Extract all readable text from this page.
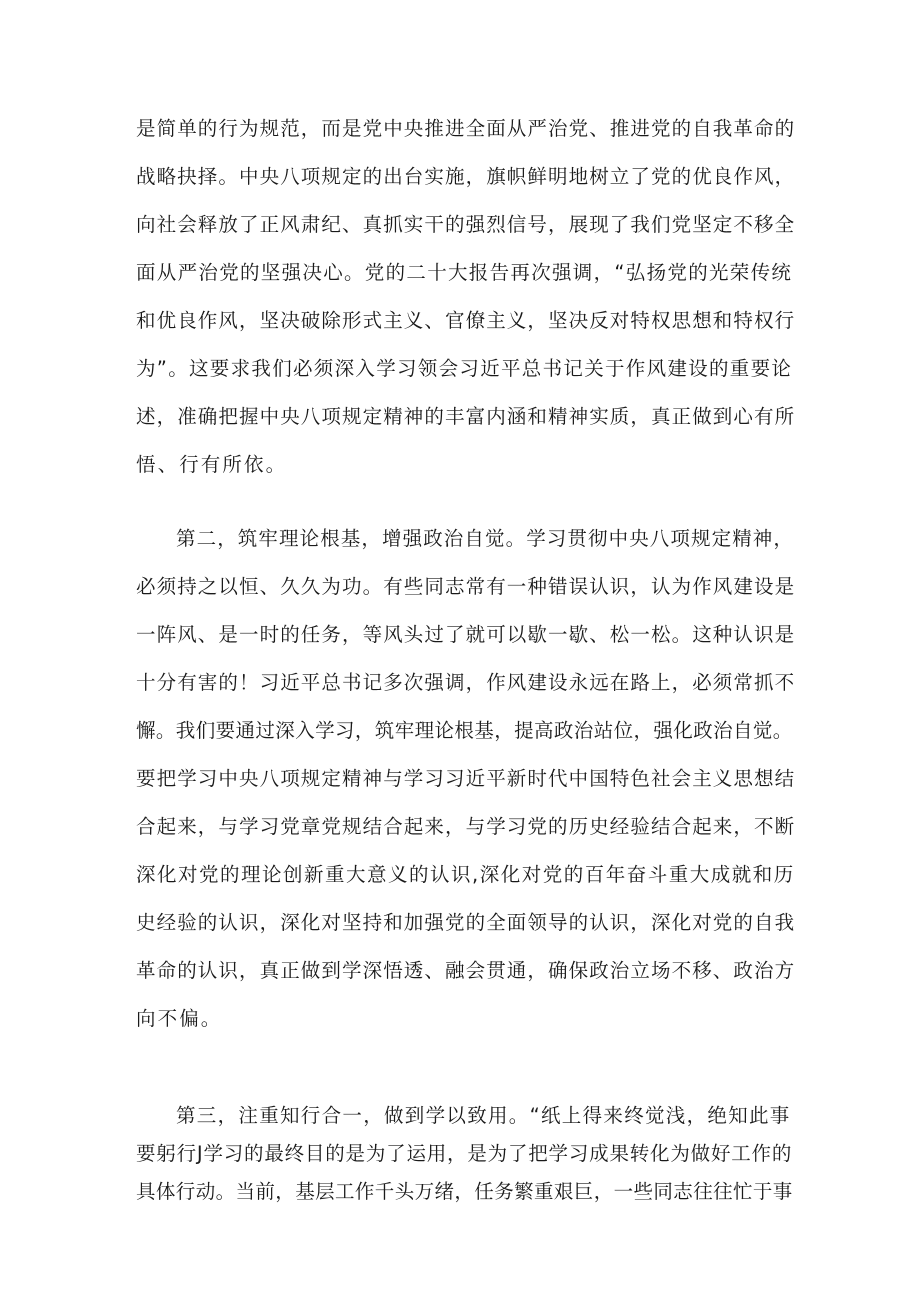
是简单的行为规范，而是党中央推进全面从严治党、推进党的自我革命的
战略抉择。中央八项规定的出台实施，旗帜鲜明地树立了党的优良作风，
向社会释放了正风肃纪、真抓实干的强烈信号，展现了我们党坚定不移全
面从严治党的坚强决心。党的二十大报告再次强调，“弘扬党的光荣传统
和优良作风，坚决破除形式主义、官僚主义，坚决反对特权思想和特权行
为”。这要求我们必须深入学习领会习近平总书记关于作风建设的重要论
述，准确把握中央八项规定精神的丰富内涵和精神实质，真正做到心有所
悟、行有所依。
第二，筑牢理论根基，增强政治自觉。学习贯彻中央八项规定精神，
必须持之以恒、久久为功。有些同志常有一种错误认识，认为作风建设是
一阵风、是一时的任务，等风头过了就可以歇一歇、松一松。这种认识是
十分有害的！习近平总书记多次强调，作风建设永远在路上，必须常抓不
懈。我们要通过深入学习，筑牢理论根基，提高政治站位，强化政治自觉。
要把学习中央八项规定精神与学习习近平新时代中国特色社会主义思想结
合起来，与学习党章党规结合起来，与学习党的历史经验结合起来，不断
深化对党的理论创新重大意义的认识,深化对党的百年奋斗重大成就和历
史经验的认识，深化对坚持和加强党的全面领导的认识，深化对党的自我
革命的认识，真正做到学深悟透、融会贯通，确保政治立场不移、政治方
向不偏。
第三，注重知行合一，做到学以致用。“纸上得来终觉浅，绝知此事
要躬行J学习的最终目的是为了运用，是为了把学习成果转化为做好工作的
具体行动。当前，基层工作千头万绪，任务繁重艰巨，一些同志往往忙于事
